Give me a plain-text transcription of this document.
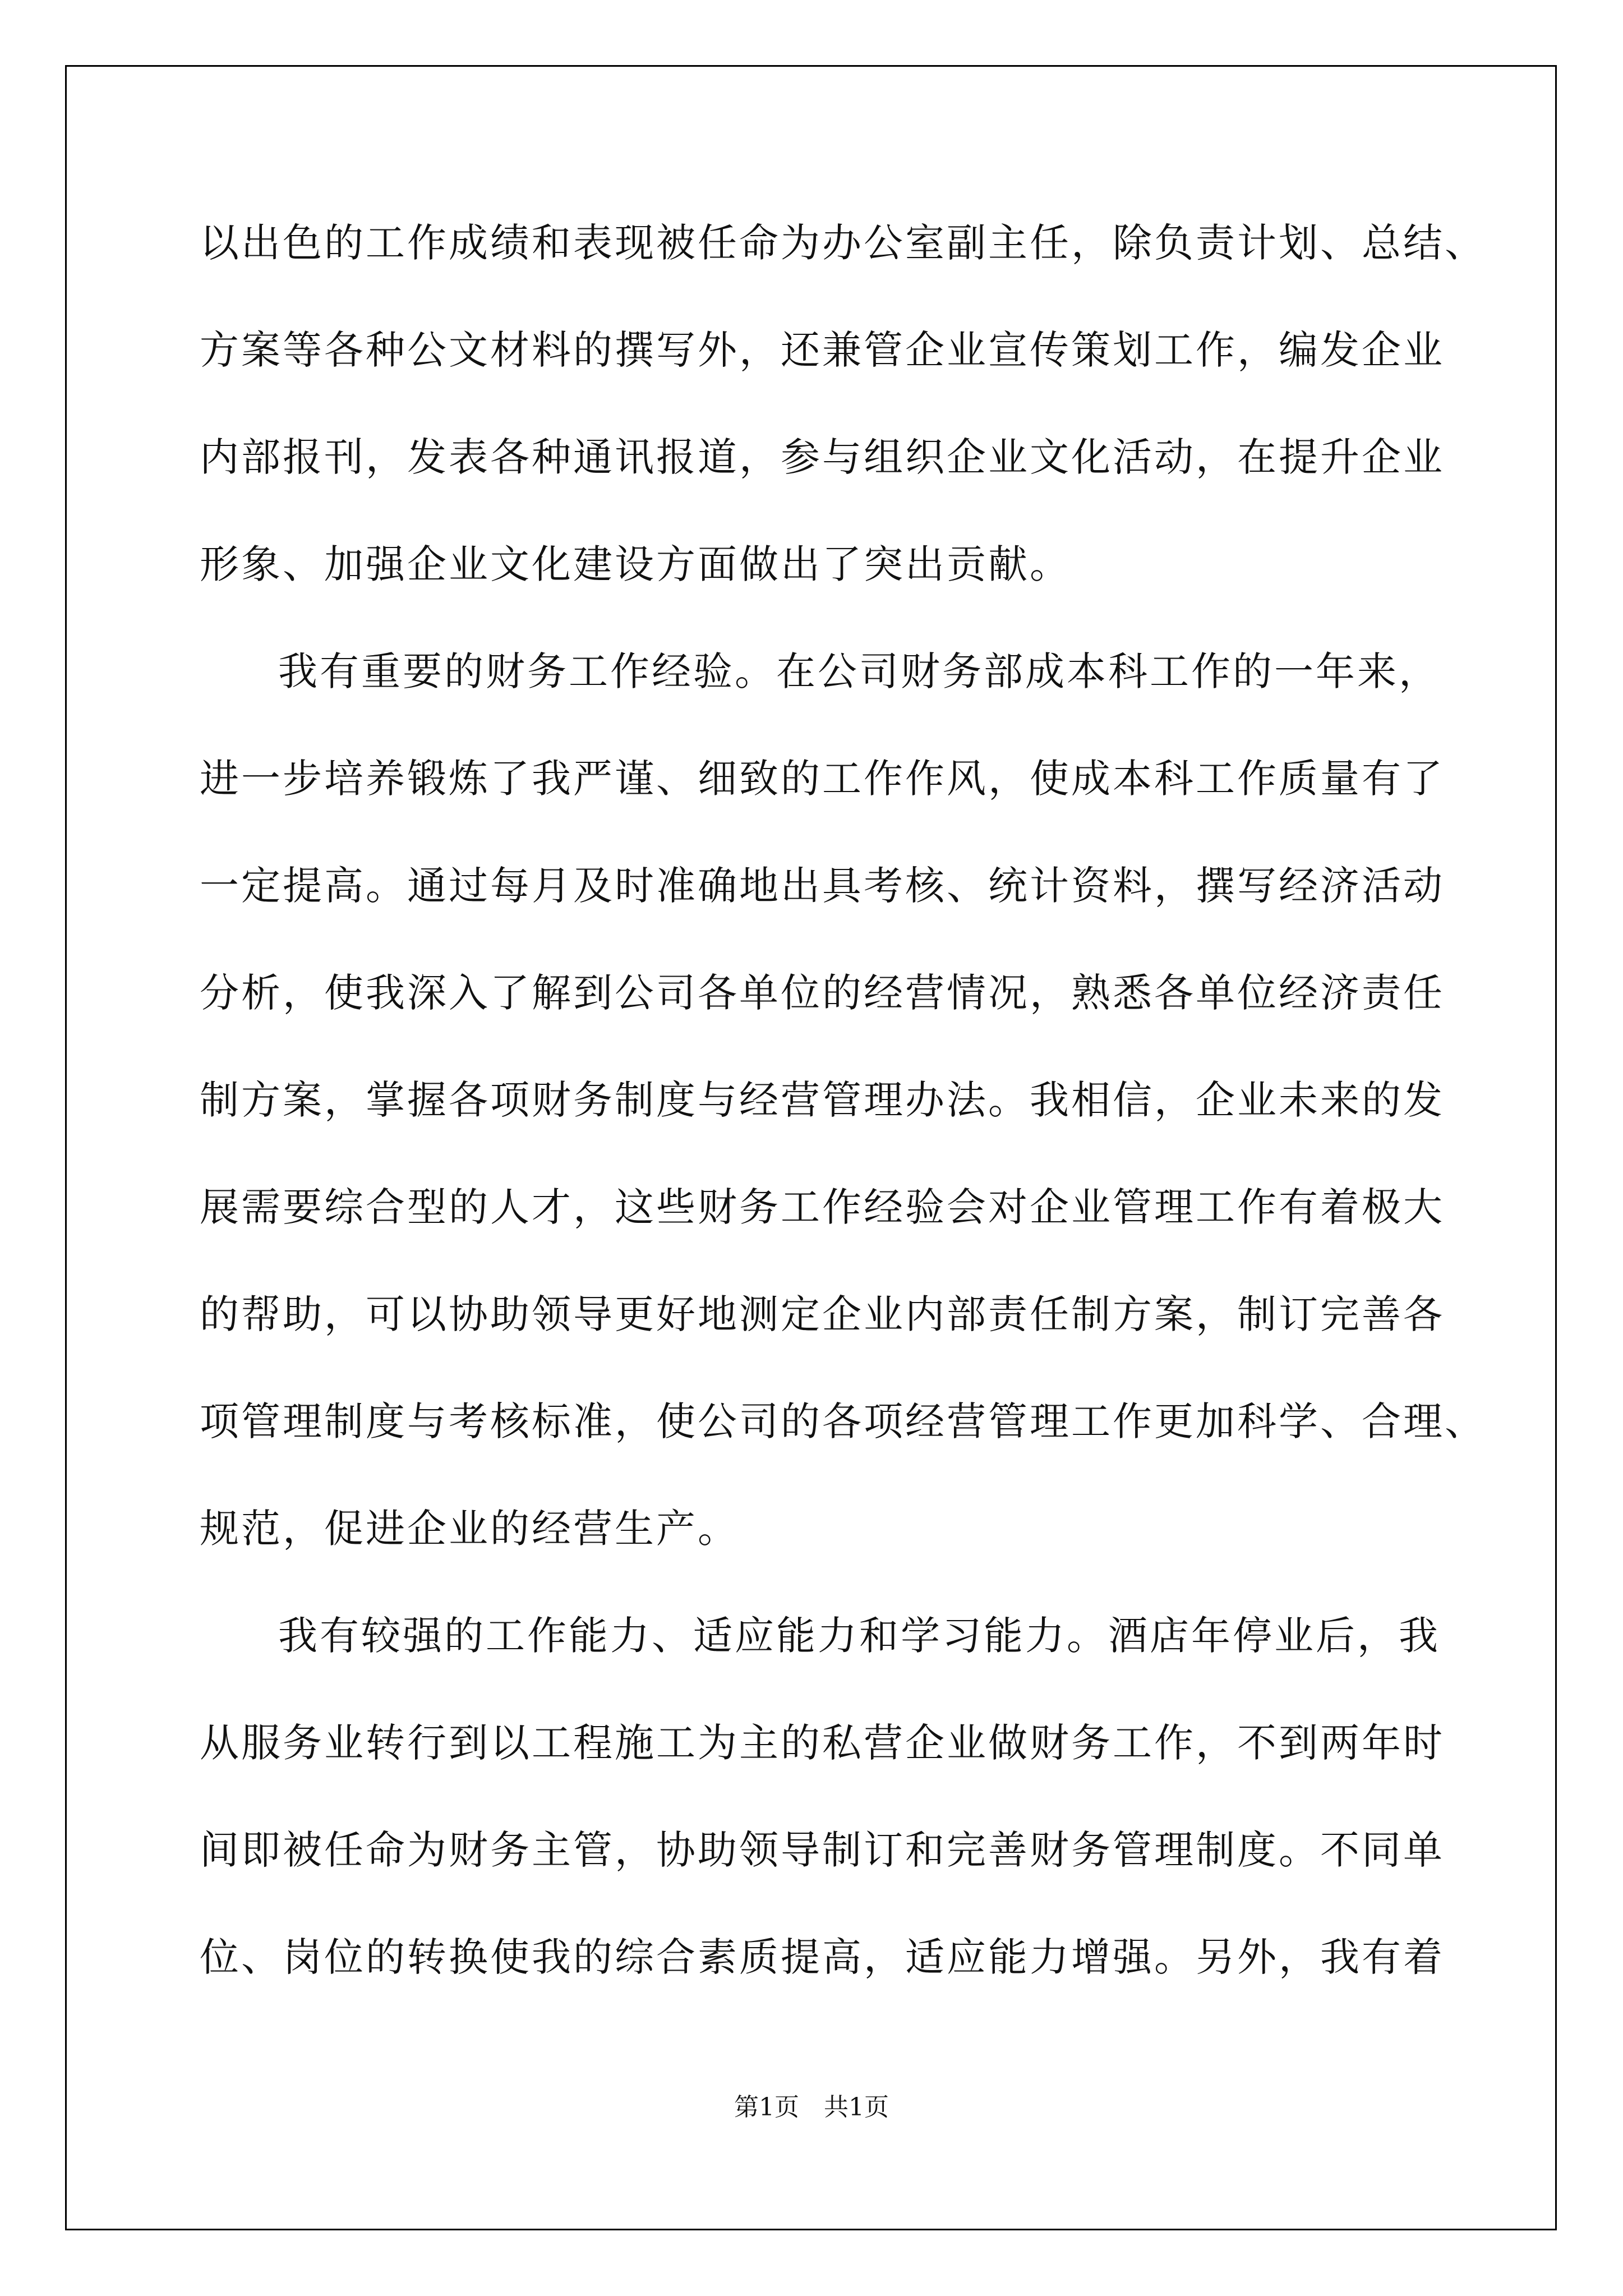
以出色的工作成绩和表现被任命为办公室副主任，除负责计划、总结、
方案等各种公文材料的撰写外，还兼管企业宣传策划工作，编发企业
内部报刊，发表各种通讯报道，参与组织企业文化活动，在提升企业
形象、加强企业文化建设方面做出了突出贡献。

我有重要的财务工作经验。在公司财务部成本科工作的一年来，
进一步培养锻炼了我严谨、细致的工作作风，使成本科工作质量有了
一定提高。通过每月及时准确地出具考核、统计资料，撰写经济活动
分析，使我深入了解到公司各单位的经营情况，熟悉各单位经济责任
制方案，掌握各项财务制度与经营管理办法。我相信，企业未来的发
展需要综合型的人才，这些财务工作经验会对企业管理工作有着极大
的帮助，可以协助领导更好地测定企业内部责任制方案，制订完善各
项管理制度与考核标准，使公司的各项经营管理工作更加科学、合理、
规范，促进企业的经营生产。

我有较强的工作能力、适应能力和学习能力。酒店年停业后，我
从服务业转行到以工程施工为主的私营企业做财务工作，不到两年时
间即被任命为财务主管，协助领导制订和完善财务管理制度。不同单
位、岗位的转换使我的综合素质提高，适应能力增强。另外，我有着

第1页 共1页
